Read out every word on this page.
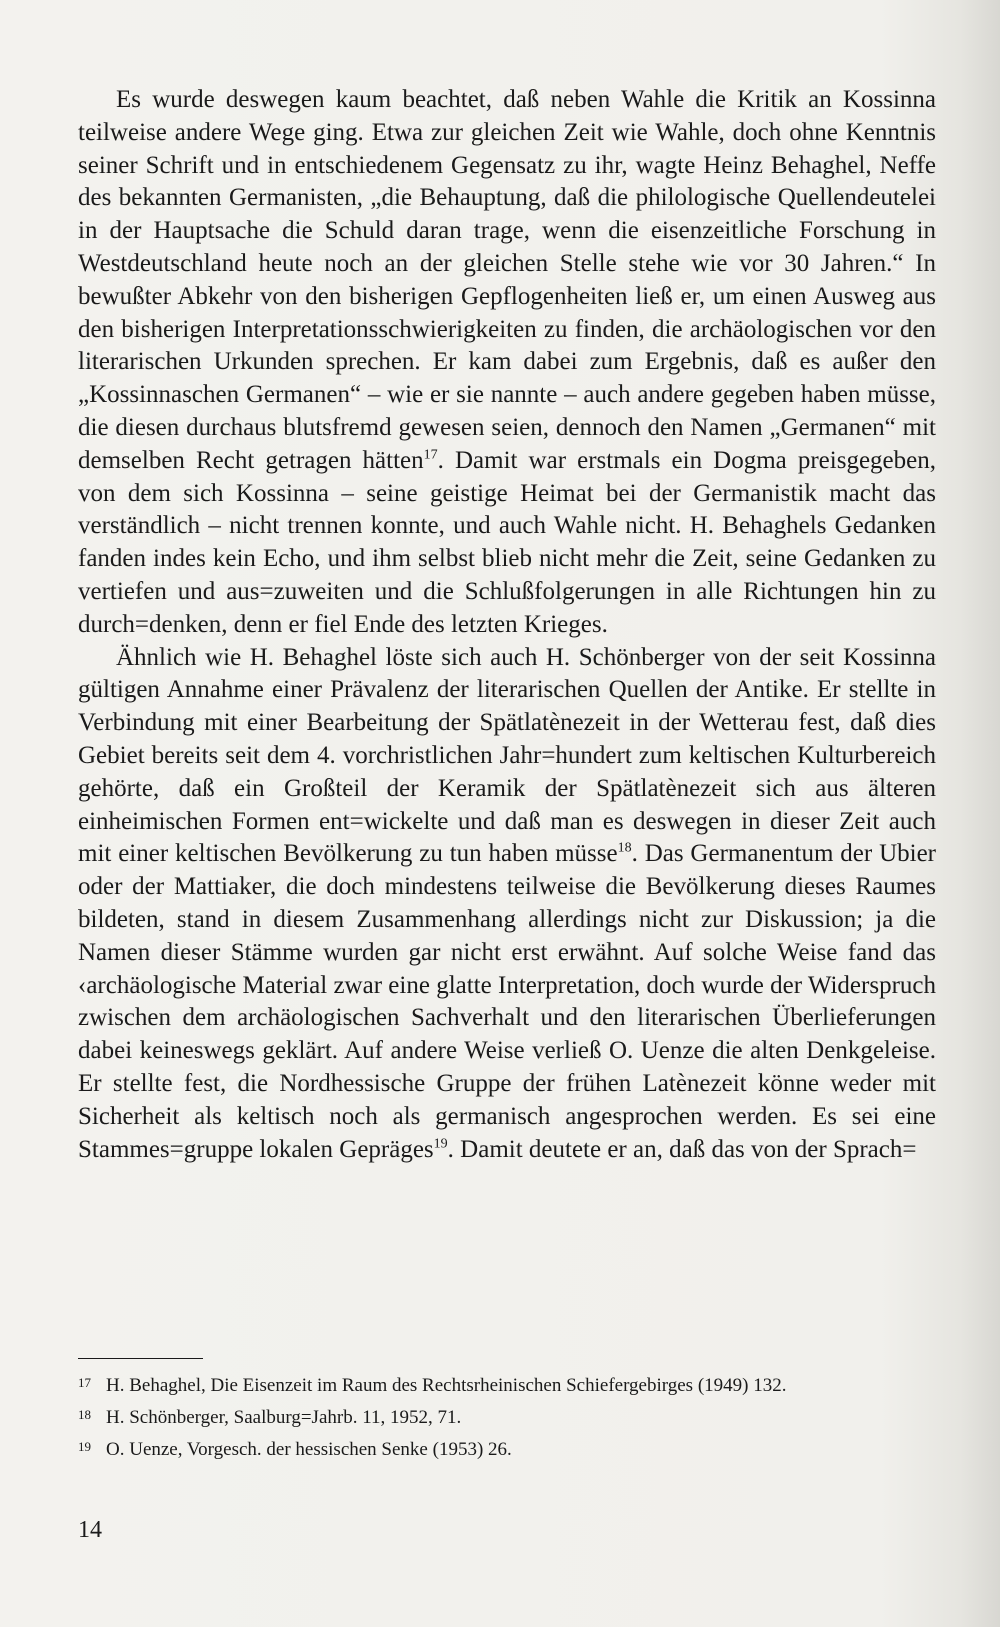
Es wurde deswegen kaum beachtet, daß neben Wahle die Kritik an Kossinna teilweise andere Wege ging. Etwa zur gleichen Zeit wie Wahle, doch ohne Kenntnis seiner Schrift und in entschiedenem Gegensatz zu ihr, wagte Heinz Behaghel, Neffe des bekannten Germanisten, „die Behauptung, daß die philologische Quellendeutelei in der Hauptsache die Schuld daran trage, wenn die eisenzeitliche Forschung in Westdeutschland heute noch an der gleichen Stelle stehe wie vor 30 Jahren.“ In bewußter Abkehr von den bisherigen Gepflogenheiten ließ er, um einen Ausweg aus den bisherigen Interpretationsschwierigkeiten zu finden, die archäologischen vor den literarischen Urkunden sprechen. Er kam dabei zum Ergebnis, daß es außer den „Kossinnaschen Germanen“ – wie er sie nannte – auch andere gegeben haben müsse, die diesen durchaus blutsfremd gewesen seien, dennoch den Namen „Germanen“ mit demselben Recht getragen hätten$^{17}$. Damit war erstmals ein Dogma preisgegeben, von dem sich Kossinna – seine geistige Heimat bei der Germanistik macht das verständlich – nicht trennen konnte, und auch Wahle nicht. H. Behaghels Gedanken fanden indes kein Echo, und ihm selbst blieb nicht mehr die Zeit, seine Gedanken zu vertiefen und aus=zuweiten und die Schlußfolgerungen in alle Richtungen hin zu durch=denken, denn er fiel Ende des letzten Krieges.

Ähnlich wie H. Behaghel löste sich auch H. Schönberger von der seit Kossinna gültigen Annahme einer Prävalenz der literarischen Quellen der Antike. Er stellte in Verbindung mit einer Bearbeitung der Spätlatènezeit in der Wetterau fest, daß dies Gebiet bereits seit dem 4. vorchristlichen Jahr=hundert zum keltischen Kulturbereich gehörte, daß ein Großteil der Keramik der Spätlatènezeit sich aus älteren einheimischen Formen ent=wickelte und daß man es deswegen in dieser Zeit auch mit einer keltischen Bevölkerung zu tun haben müsse$^{18}$. Das Germanentum der Ubier oder der Mattiaker, die doch mindestens teilweise die Bevölkerung dieses Raumes bildeten, stand in diesem Zusammenhang allerdings nicht zur Diskussion; ja die Namen dieser Stämme wurden gar nicht erst erwähnt. Auf solche Weise fand das ‹archäologische Material zwar eine glatte Interpretation, doch wurde der Widerspruch zwischen dem archäologischen Sachverhalt und den literarischen Überlieferungen dabei keineswegs geklärt. Auf andere Weise verließ O. Uenze die alten Denkgeleise. Er stellte fest, die Nordhessische Gruppe der frühen Latènezeit könne weder mit Sicherheit als keltisch noch als germanisch angesprochen werden. Es sei eine Stammes=gruppe lokalen Gepräges$^{19}$. Damit deutete er an, daß das von der Sprach=

17 H. Behaghel, Die Eisenzeit im Raum des Rechtsrheinischen Schiefergebirges (1949) 132.

18 H. Schönberger, Saalburg=Jahrb. 11, 1952, 71.

19 O. Uenze, Vorgesch. der hessischen Senke (1953) 26.

14
